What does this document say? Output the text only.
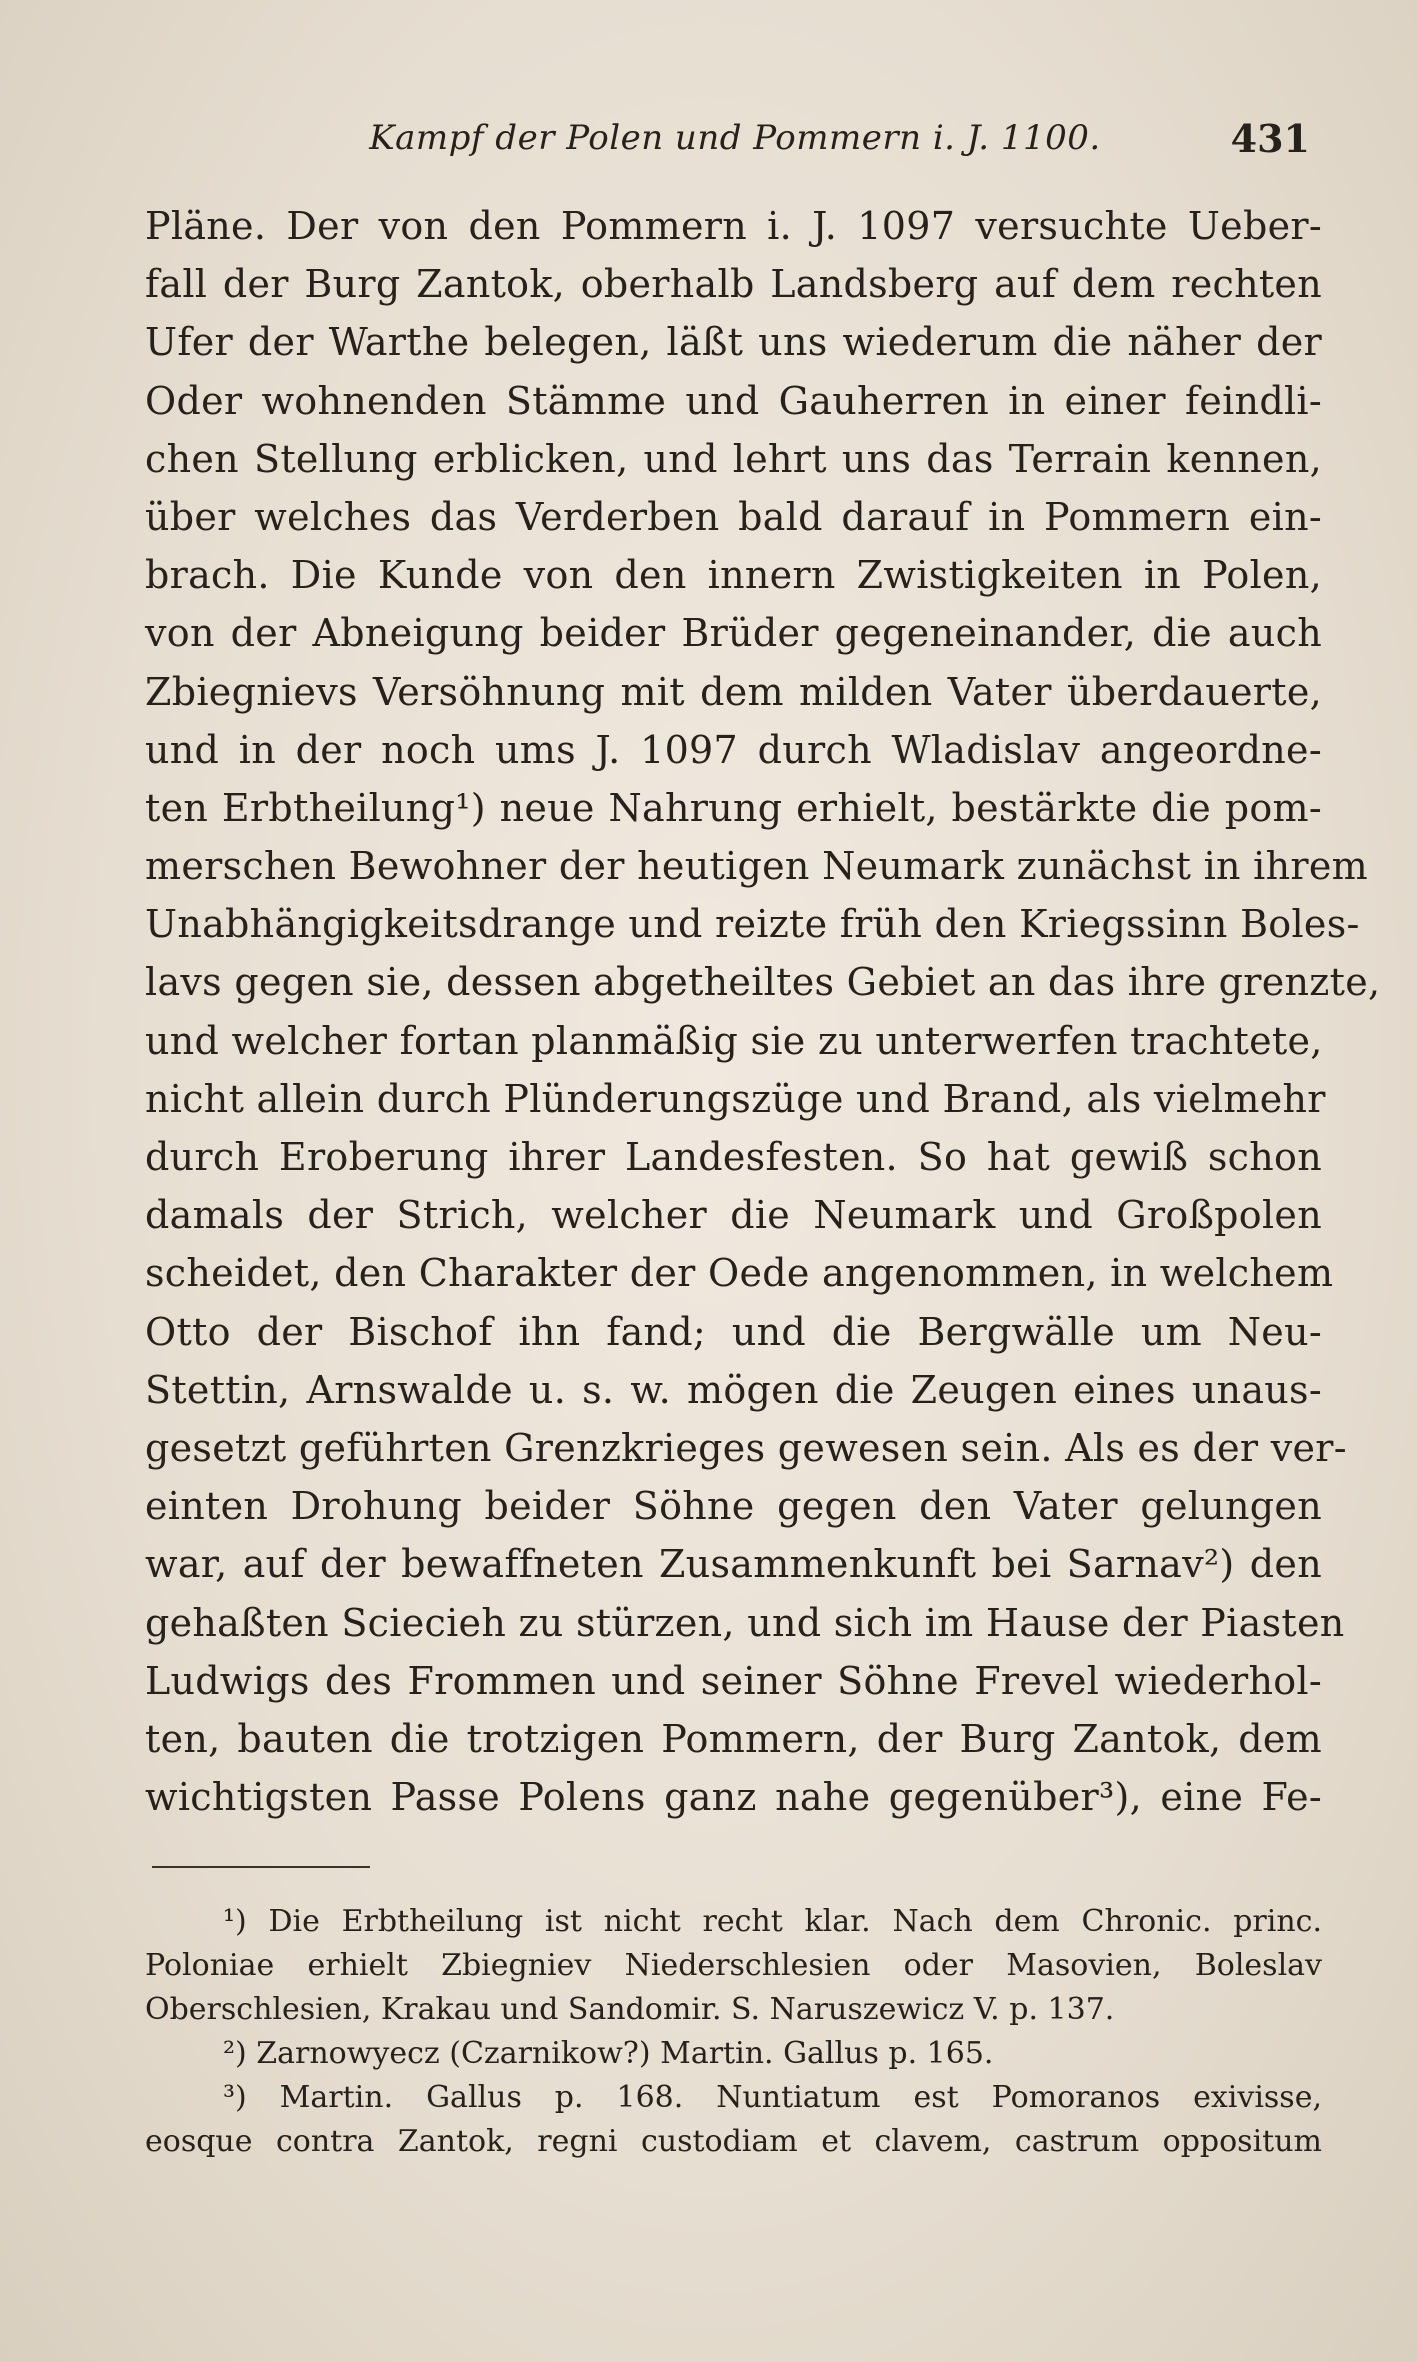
Kampf der Polen und Pommern i. J. 1100.	431
Pläne. Der von den Pommern i. J. 1097 versuchte Ueber-
fall der Burg Zantok, oberhalb Landsberg auf dem rechten
Ufer der Warthe belegen, läßt uns wiederum die näher der
Oder wohnenden Stämme und Gauherren in einer feindli-
chen Stellung erblicken, und lehrt uns das Terrain kennen,
über welches das Verderben bald darauf in Pommern ein-
brach. Die Kunde von den innern Zwistigkeiten in Polen,
von der Abneigung beider Brüder gegeneinander, die auch
Zbiegnievs Versöhnung mit dem milden Vater überdauerte,
und in der noch ums J. 1097 durch Wladislav angeordne-
ten Erbtheilung¹) neue Nahrung erhielt, bestärkte die pom-
merschen Bewohner der heutigen Neumark zunächst in ihrem
Unabhängigkeitsdrange und reizte früh den Kriegssinn Boles-
lavs gegen sie, dessen abgetheiltes Gebiet an das ihre grenzte,
und welcher fortan planmäßig sie zu unterwerfen trachtete,
nicht allein durch Plünderungszüge und Brand, als vielmehr
durch Eroberung ihrer Landesfesten. So hat gewiß schon
damals der Strich, welcher die Neumark und Großpolen
scheidet, den Charakter der Oede angenommen, in welchem
Otto der Bischof ihn fand; und die Bergwälle um Neu-
Stettin, Arnswalde u. s. w. mögen die Zeugen eines unaus-
gesetzt geführten Grenzkrieges gewesen sein. Als es der ver-
einten Drohung beider Söhne gegen den Vater gelungen
war, auf der bewaffneten Zusammenkunft bei Sarnav²) den
gehaßten Sciecieh zu stürzen, und sich im Hause der Piasten
Ludwigs des Frommen und seiner Söhne Frevel wiederhol-
ten, bauten die trotzigen Pommern, der Burg Zantok, dem
wichtigsten Passe Polens ganz nahe gegenüber³), eine Fe-
¹) Die Erbtheilung ist nicht recht klar. Nach dem Chronic. princ.
Poloniae erhielt Zbiegniev Niederschlesien oder Masovien, Boleslav
Oberschlesien, Krakau und Sandomir. S. Naruszewicz V. p. 137.
²) Zarnowyecz (Czarnikow?) Martin. Gallus p. 165.
³) Martin. Gallus p. 168. Nuntiatum est Pomoranos exivisse,
eosque contra Zantok, regni custodiam et clavem, castrum oppositum
